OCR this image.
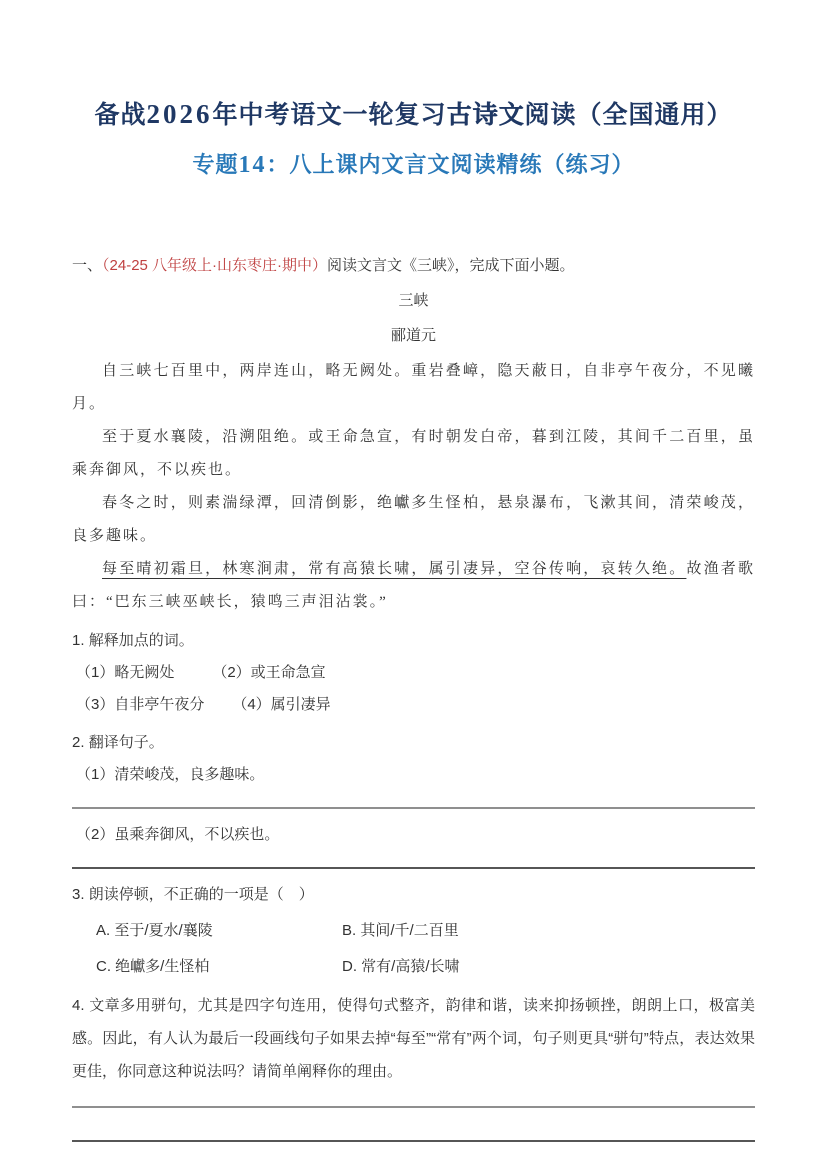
备战2026年中考语文一轮复习古诗文阅读（全国通用）
专题14：八上课内文言文阅读精练（练习）
一、（24-25 八年级上·山东枣庄·期中）阅读文言文《三峡》，完成下面小题。
三峡
郦道元

自三峡七百里中，两岸连山，略无阙处。重岩叠嶂，隐天蔽日，自非亭午夜分，不见曦月。

至于夏水襄陵，沿溯阻绝。或王命急宣，有时朝发白帝，暮到江陵，其间千二百里，虽乘奔御风，不以疾也。

春冬之时，则素湍绿潭，回清倒影，绝巘多生怪柏，悬泉瀑布，飞漱其间，清荣峻茂，良多趣味。

每至晴初霜旦，林寒涧肃，常有高猿长啸，属引凄异，空谷传响，哀转久绝。故渔者歌曰：“巴东三峡巫峡长，猿鸣三声泪沾裳。”

1. 解释加点的词。
（1）略无阙处	（2）或王命急宣
（3）自非亭午夜分 （4）属引凄异
2. 翻译句子。
（1）清荣峻茂，良多趣味。
（2）虽乘奔御风，不以疾也。
3. 朗读停顿，不正确的一项是（　）
A. 至于/夏水/襄陵	B. 其间/千/二百里
C. 绝巘多/生怪柏	D. 常有/高猿/长啸
4. 文章多用骈句，尤其是四字句连用，使得句式整齐，韵律和谐，读来抑扬顿挫，朗朗上口，极富美感。因此，有人认为最后一段画线句子如果去掉“每至”“常有”两个词，句子则更具“骈句”特点，表达效果更佳，你同意这种说法吗？请简单阐释你的理由。
